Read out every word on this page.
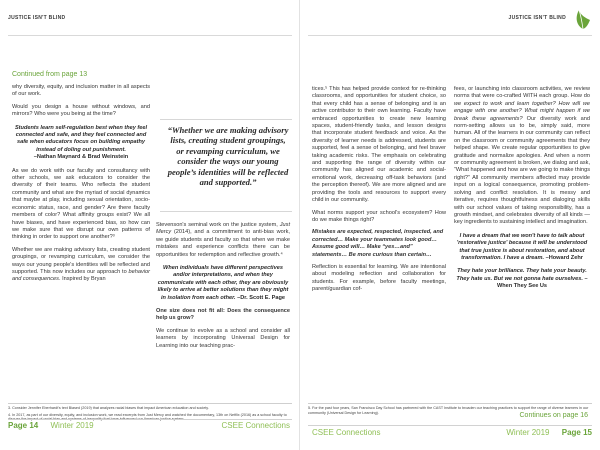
JUSTICE ISN'T BLIND
Continued from page 13

why diversity, equity, and inclusion matter in all aspects of our work.

Would you design a house without windows, and mirrors? Who were you being at the time?

Students learn self-regulation best when they feel connected and safe, and they feel connected and safe when educators focus on building empathy instead of doling out punishment.
–Nathan Maynard & Brad Weinstein

As we do work with our faculty and consultancy with other schools, we ask educators to consider the diversity of their teams. Who reflects the student community and what are the myriad of social dynamics that maybe at play, including sexual orientation, socio-economic status, race, and gender? Are there faculty members of color? What affinity groups exist? We all have biases, and have experienced bias, so how can we make sure that we disrupt our own patterns of thinking in order to support one another?³

Whether we are making advisory lists, creating student groupings, or revamping curriculum, we consider the ways our young people's identities will be reflected and supported. This now includes our approach to behavior and consequences. Inspired by Bryan

“Whether we are making advisory lists, creating student groupings, or revamping curriculum, we consider the ways our young people’s identities will be reflected and supported.”

Stevenson's seminal work on the justice system, Just Mercy (2014), and a commitment to anti-bias work, we guide students and faculty so that when we make mistakes and experience conflicts there can be opportunities for redemption and reflective growth.⁴

When individuals have different perspectives and/or interpretations, and when they communicate with each other, they are obviously likely to arrive at better solutions than they might in isolation from each other. –Dr. Scott E. Page

One size does not fit all: Does the consequence help us grow?

We continue to evolve as a school and consider all learners by incorporating Universal Design for Learning into our teaching prac-

3. Consider Jennifer Eberhardt's text Biased (2019) that analyzes racial biases that impact American education and society.

4. In 2017, as part of our diversity, equity, and inclusion work, we read excerpts from Just Mercy and watched the documentary, 13th on Netflix (2016) as a school faculty to

Page 14 Winter 2019	CSEE Connections
JUSTICE ISN'T BLIND

tices.⁵ This has helped provide context for re-thinking classrooms, and opportunities for student choice, so that every child has a sense of belonging and is an active contributor to their own learning. Faculty have embraced opportunities to create new learning spaces, student-friendly tasks, and lesson designs that incorporate student feedback and voice. As the diversity of learner needs is addressed, students are supported, feel a sense of belonging, and feel braver taking academic risks. The emphasis on celebrating and supporting the range of diversity within our community has aligned our academic and social-emotional work, decreasing off-task behaviors (and the perception thereof). We are more aligned and are providing the tools and resources to support every child in our community.

What norms support your school's ecosystem? How do we make things right?

Mistakes are expected, respected, inspected, and corrected… Make your teammates look good… Assume good will… Make “yes…and” statements… Be more curious than certain…

Reflection is essential for learning. We are intentional about modeling reflection and collaboration for students. For example, before faculty meetings, parent/guardian cof-

fees, or launching into classroom activities, we review norms that were co-crafted WITH each group. How do we expect to work and learn together? How will we engage with one another? What might happen if we break these agreements? Our diversity work and norm-setting allows us to be, simply said, more human. All of the learners in our community can reflect on the classroom or community agreements that they helped shape. We create regular opportunities to give gratitude and normalize apologies. And when a norm or community agreement is broken, we dialog and ask, “What happened and how are we going to make things right?” All community members affected may provide input on a logical consequence, promoting problem-solving and conflict resolution. It is messy and iterative, requires thoughtfulness and dialoging skills with our school values of taking responsibility, has a growth mindset, and celebrates diversity of all kinds —key ingredients to sustaining intellect and imagination.

I have a dream that we won't have to talk about 'restorative justice' because it will be understood that true justice is about restoration, and about transformation. I have a dream. –Howard Zehr
They hate your brilliance. They hate your beauty. They hate us. But we not gonna hate ourselves. –When They See Us

5. For the past four years, San Francisco Day School has partnered with the CAST Institute to broaden our teaching practices to support the range of diverse learners in our community (Universal Design for Learning).	Continues on page 16
CSEE Connections	Winter 2019 Page 15
